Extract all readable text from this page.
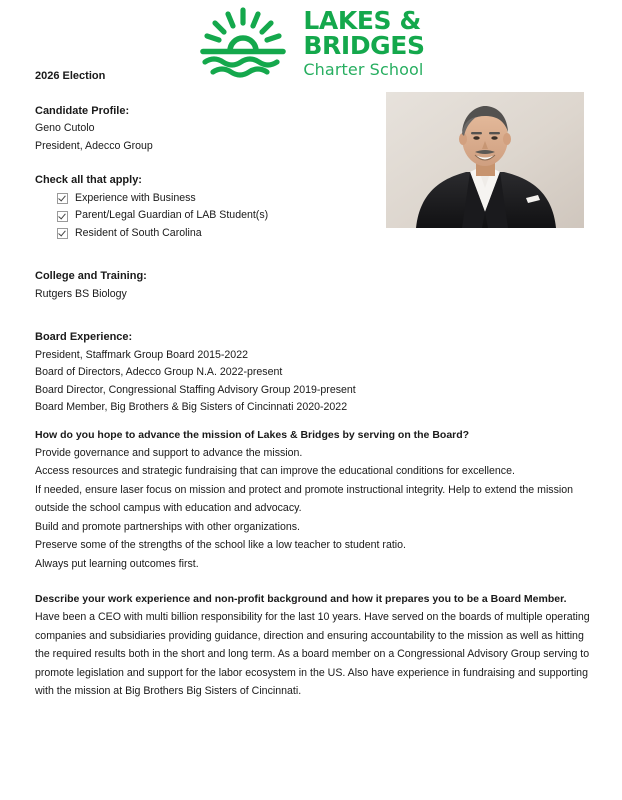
LAKES &
BRIDGES
Charter School
2026 Election
Candidate Profile:
Geno Cutolo
President, Adecco Group
Check all that apply:
Experience with Business
Parent/Legal Guardian of LAB Student(s)
Resident of South Carolina
College and Training:
Rutgers BS Biology
Board Experience:
President, Staffmark Group Board 2015-2022
Board of Directors, Adecco Group N.A. 2022-present
Board Director, Congressional Staffing Advisory Group 2019-present
Board Member, Big Brothers & Big Sisters of Cincinnati 2020-2022
How do you hope to advance the mission of Lakes & Bridges by serving on the Board?
Provide governance and support to advance the mission.
Access resources and strategic fundraising that can improve the educational conditions for excellence.
If needed, ensure laser focus on mission and protect and promote instructional integrity. Help to extend the mission outside the school campus with education and advocacy.
Build and promote partnerships with other organizations.
Preserve some of the strengths of the school like a low teacher to student ratio.
Always put learning outcomes first.
Describe your work experience and non-profit background and how it prepares you to be a Board Member.
Have been a CEO with multi billion responsibility for the last 10 years. Have served on the boards of multiple operating companies and subsidiaries providing guidance, direction and ensuring accountability to the mission as well as hitting the required results both in the short and long term. As a board member on a Congressional Advisory Group serving to promote legislation and support for the labor ecosystem in the US. Also have experience in fundraising and supporting with the mission at Big Brothers Big Sisters of Cincinnati.
